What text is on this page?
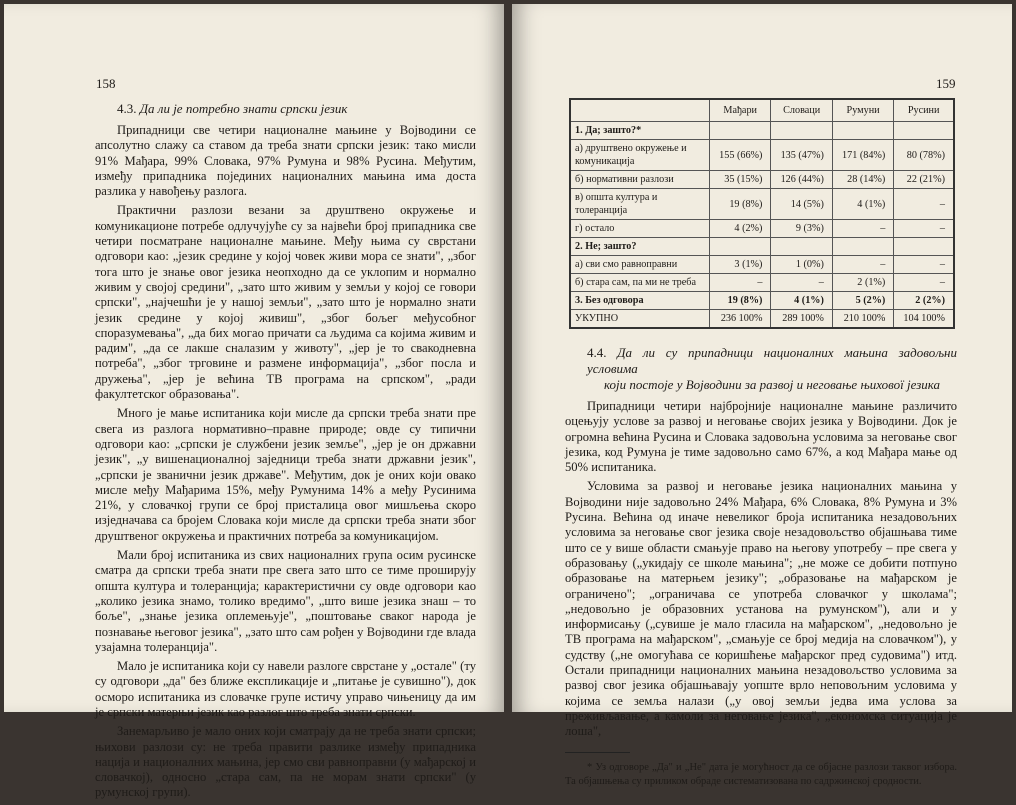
158
4.3. Да ли је потребно знати српски језик

Припадници све четири националне мањине у Војводини се апсолутно слажу са ставом да треба знати српски језик: тако мисли 91% Мађара, 99% Словака, 97% Румуна и 98% Русина. Међутим, између припадника појединих националних мањина има доста разлика у навођењу разлога.

Практични разлози везани за друштвено окружење и комуникационе потребе одлучујуће су за највећи број припадника све четири посматране националне мањине. Међу њима су сврстани одговори као: „језик средине у којој човек живи мора се знати", „због тога што је знање овог језика неопходно да се уклопим и нормално живим у својој средини", „зато што живим у земљи у којој се говори српски", „најчешћи је у нашој земљи", „зато што је нормално знати језик средине у којој живиш", „због бољег међусобног споразумевања", „да бих могао причати са људима са којима живим и радим", „да се лакше сналазим у животу", „јер је то свакодневна потреба", „због трговине и размене информација", „због посла и дружења", „јер је већина ТВ програма на српском", „ради факултетског образовања".

Много је мање испитаника који мисле да српски треба знати пре свега из разлога нормативно–правне природе; овде су типични одговори као: „српски је службени језик земље", „јер је он државни језик", „у вишенационалној заједници треба знати државни језик", „српски је званични језик државе". Међутим, док је оних који овако мисле међу Мађарима 15%, међу Румунима 14% а међу Русинима 21%, у словачкој групи се број присталица овог мишљења скоро изједначава са бројем Словака који мисле да српски треба знати због друштвеног окружења и практичних потреба за комуникацијом.

Мали број испитаника из свих националних група осим русинске сматра да српски треба знати пре свега зато што се тиме проширују општа култура и толеранција; карактеристични су овде одговори као „колико језика знамо, толико вредимо", „што више језика знаш – то боље", „знање језика оплемењује", „поштовање сваког народа је познавање његовог језика", „зато што сам рођен у Војводини где влада узајамна толеранција".

Мало је испитаника који су навели разлоге сврстане у „остале" (ту су одговори „да" без ближе експликације и „питање је сувишно"), док осморо испитаника из словачке групе истичу управо чињеницу да им је српски матерњи језик као разлог што треба знати српски.

Занемарљиво је мало оних који сматрају да не треба знати српски; њихови разлози су: не треба правити разлике између припадника нација и националних мањина, јер смо сви равноправни (у мађарској и словачкој), односно „стара сам, па не морам знати српски" (у румунској групи).

159
	Мађари	Словаци	Румуни	Русини
1. Да; зашто?*				
а) друштвено окружење и комуникација	155 (66%)	135 (47%)	171 (84%)	80 (78%)
б) нормативни разлози	35 (15%)	126 (44%)	28 (14%)	22 (21%)
в) општа култура и толеранција	19 (8%)	14 (5%)	4 (1%)	–
г) остало	4 (2%)	9 (3%)	–	–
2. Не; зашто?				
а) сви смо равноправни	3 (1%)	1 (0%)	–	–
б) стара сам, па ми не треба	–	–	2 (1%)	–
3. Без одговора	19 (8%)	4 (1%)	5 (2%)	2 (2%)
УКУПНО	236 100%	289 100%	210 100%	104 100%
4.4. Да ли су припадници националних мањина задовољни условима
који постоје у Војводини за развој и неговање њихової језика

Припадници четири најбројније националне мањине различито оцењују услове за развој и неговање својих језика у Војводини. Док је огромна већина Русина и Словака задовољна условима за неговање свог језика, код Румуна је тиме задовољно само 67%, а код Мађара мање од 50% испитаника.

Условима за развој и неговање језика националних мањина у Војводини није задовољно 24% Мађара, 6% Словака, 8% Румуна и 3% Русина. Већина од иначе невеликог броја испитаника незадовољних условима за неговање свог језика своје незадовољство објашњава тиме што се у више области смањује право на његову употребу – пре свега у образовању („укидају се школе мањина"; „не може се добити потпуно образовање на матерњем језику"; „образовање на мађарском је ограничено"; „ограничава се употреба словачког у школама"; „недовољно је образовних установа на румунском"), али и у информисању („сувише је мало гласила на мађарском", „недовољно је ТВ програма на мађарском", „смањује се број медија на словачком"), у судству („не омогућава се коришћење мађарског пред судовима") итд. Остали припадници националних мањина незадовољство условима за развој свог језика објашњавају уопште врло неповољним условима у којима се земља налази („у овој земљи једва има услова за преживљавање, а камоли за неговање језика", „економска ситуација је лоша",

* Уз одговоре „Да" и „Не" дата је могућност да се објасне разлози таквог избора. Та објашњења су приликом обраде систематизована по садржинској сродности.
